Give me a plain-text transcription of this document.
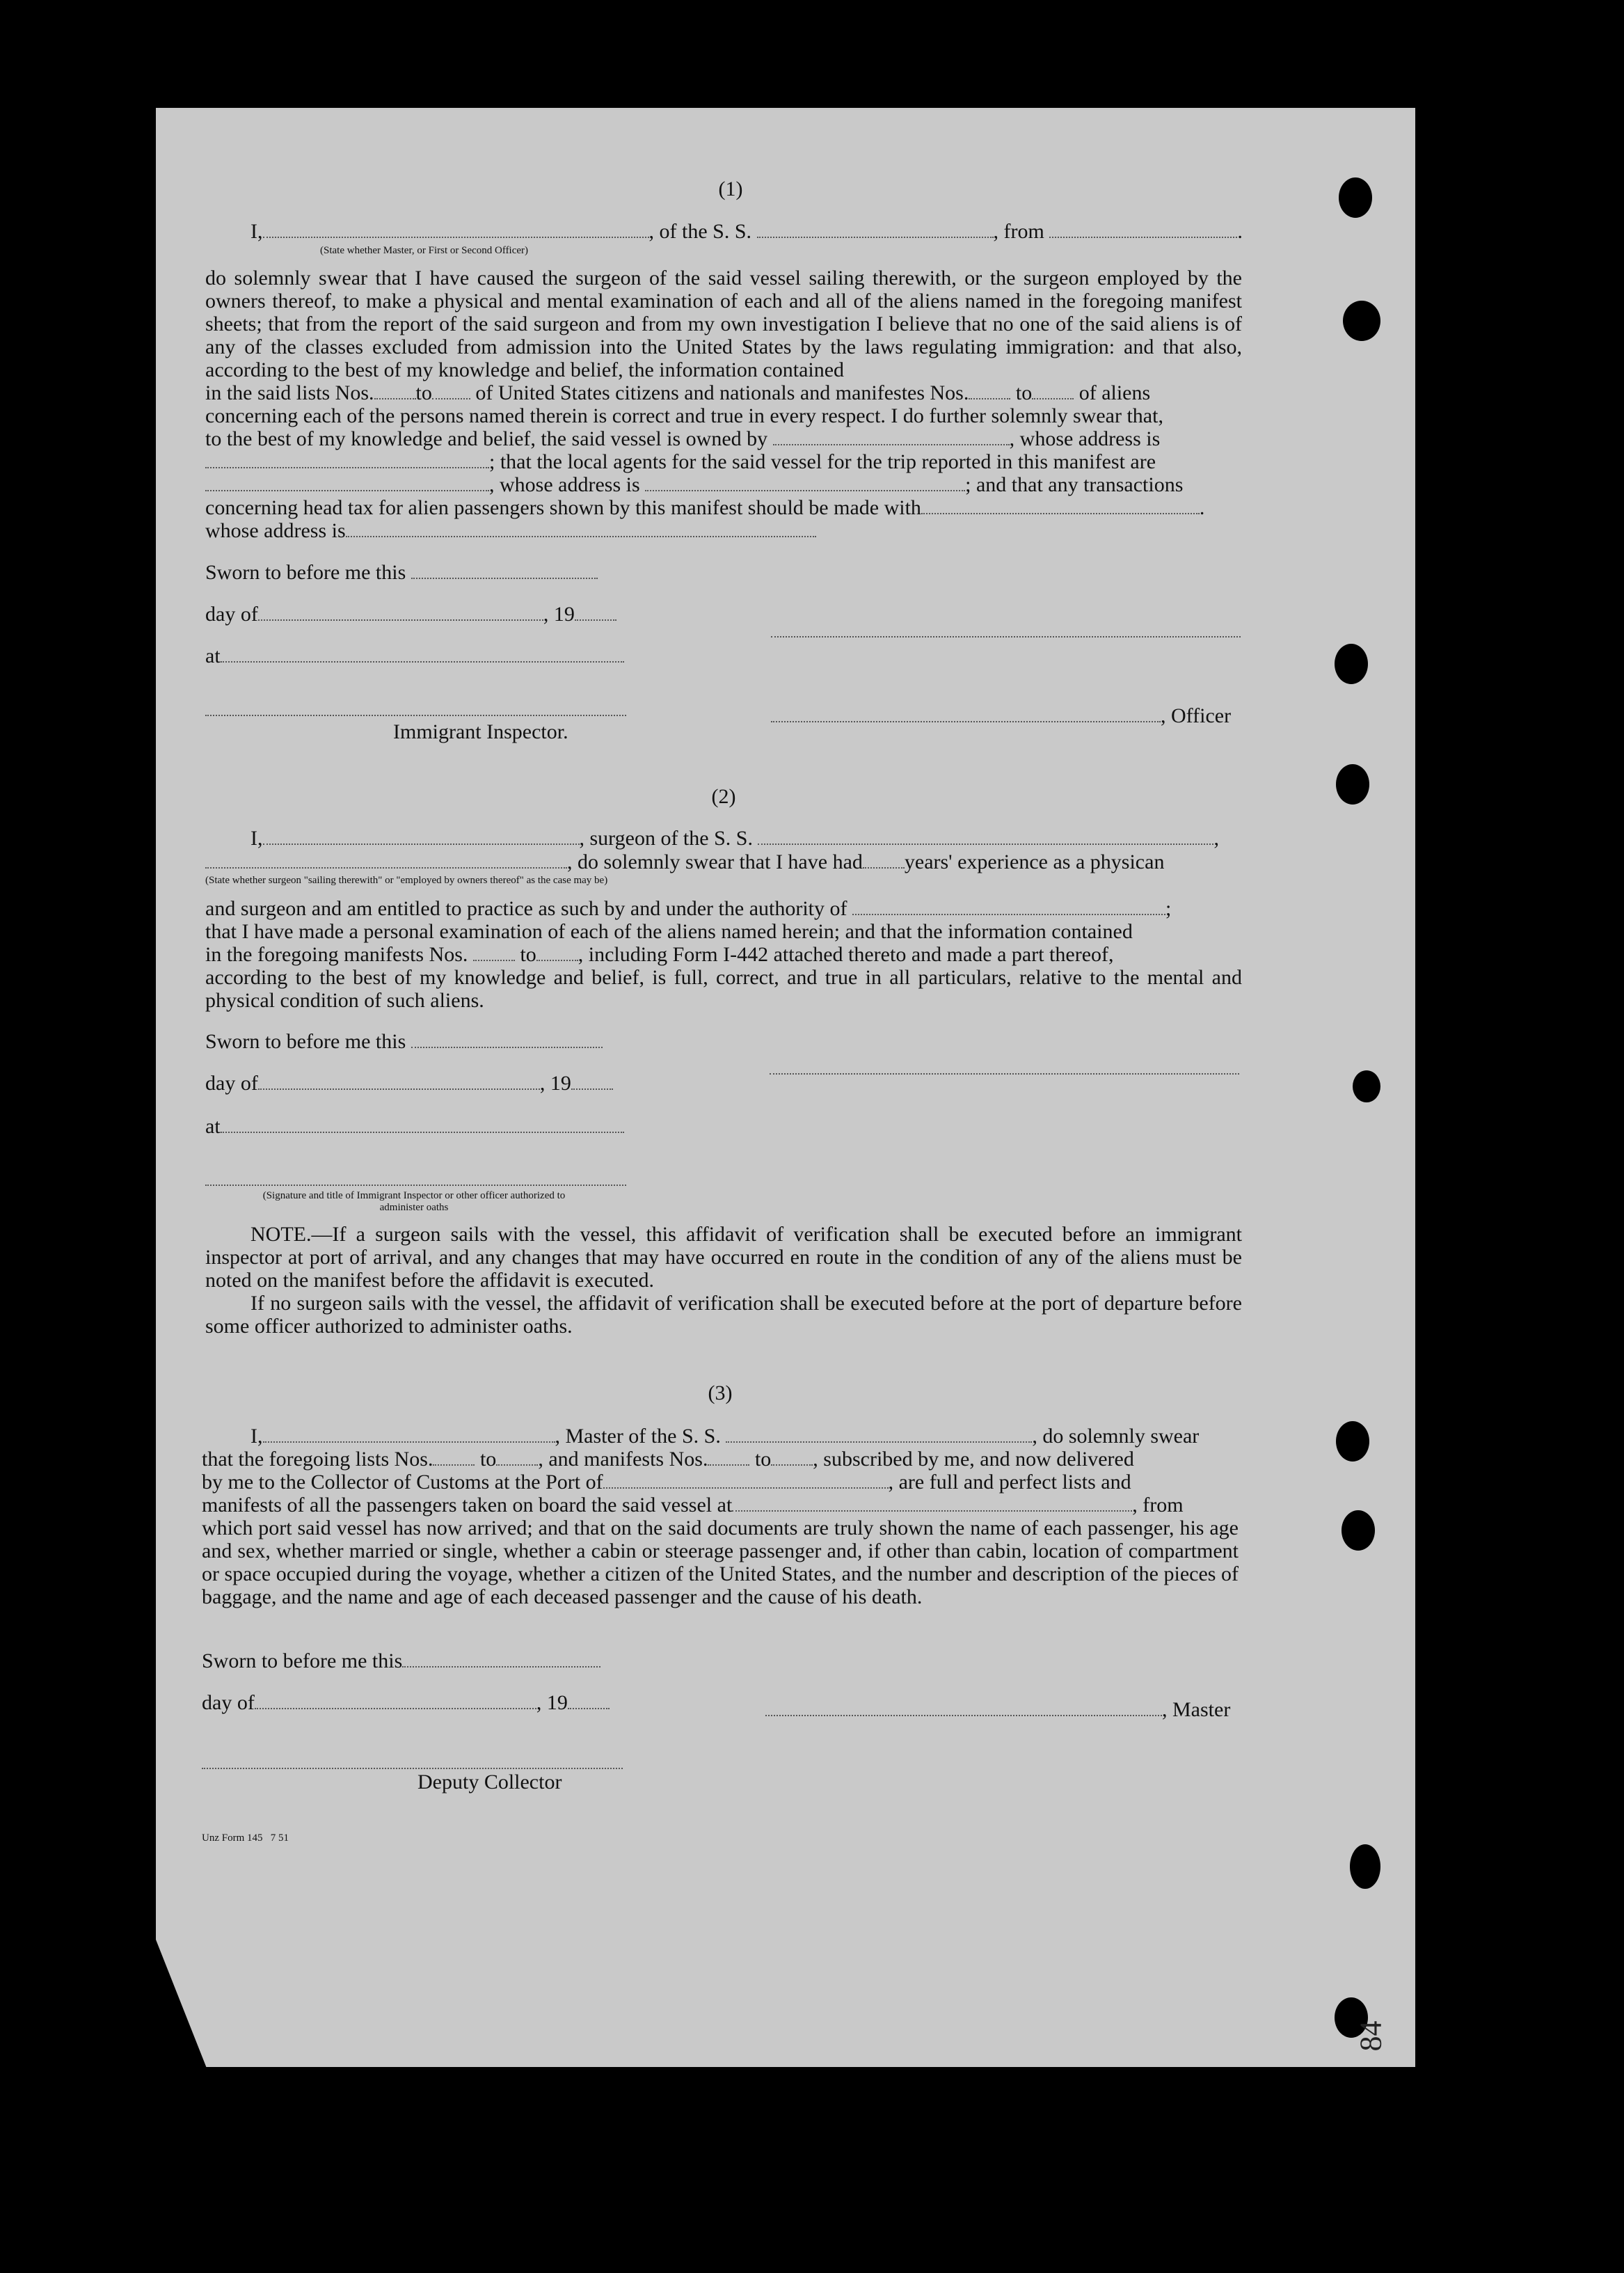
(1)
I,	, of the S. S.	, from	.
(State whether Master, or First or Second Officer)
do solemnly swear that I have caused the surgeon of the said vessel sailing therewith, or the surgeon employed by the owners thereof, to make a physical and mental examination of each and all of the aliens named in the foregoing manifest sheets; that from the report of the said surgeon and from my own investigation I believe that no one of the said aliens is of any of the classes excluded from admission into the United States by the laws regulating immigration: and that also, according to the best of my knowledge and belief, the information contained
in the said lists Nos. to of United States citizens and nationals and manifestes Nos. to of aliens
concerning each of the persons named therein is correct and true in every respect. I do further solemnly swear that,
to the best of my knowledge and belief, the said vessel is owned by	, whose address is
; that the local agents for the said vessel for the trip reported in this manifest are
, whose address is	; and that any transactions
concerning head tax for alien passengers shown by this manifest should be made with	.
whose address is
Sworn to before me this
day of	, 19
at
, Officer
Immigrant Inspector.
(2)
I,	, surgeon of the S. S.	,
, do solemnly swear that I have had years' experience as a physican
(State whether surgeon "sailing therewith" or "employed by owners thereof" as the case may be)
and surgeon and am entitled to practice as such by and under the authority of	;
that I have made a personal examination of each of the aliens named herein; and that the information contained
in the foregoing manifests Nos.	to , including Form I-442 attached thereto and made a part thereof,
according to the best of my knowledge and belief, is full, correct, and true in all particulars, relative to the mental and physical condition of such aliens.
Sworn to before me this
day of	, 19
at
(Signature and title of Immigrant Inspector or other officer authorized to administer oaths
NOTE.—If a surgeon sails with the vessel, this affidavit of verification shall be executed before an immigrant inspector at port of arrival, and any changes that may have occurred en route in the condition of any of the aliens must be noted on the manifest before the affidavit is executed.
If no surgeon sails with the vessel, the affidavit of verification shall be executed before at the port of departure before some officer authorized to administer oaths.
(3)
I,	, Master of the S. S.	, do solemnly swear
that the foregoing lists Nos. to , and manifests Nos. to , subscribed by me, and now delivered
by me to the Collector of Customs at the Port of	, are full and perfect lists and
manifests of all the passengers taken on board the said vessel at	, from
which port said vessel has now arrived; and that on the said documents are truly shown the name of each passenger, his age and sex, whether married or single, whether a cabin or steerage passenger and, if other than cabin, location of compartment or space occupied during the voyage, whether a citizen of the United States, and the number and description of the pieces of baggage, and the name and age of each deceased passenger and the cause of his death.
Sworn to before me this
day of	, 19	, Master
Deputy Collector
Unz Form 145   7 51
84
